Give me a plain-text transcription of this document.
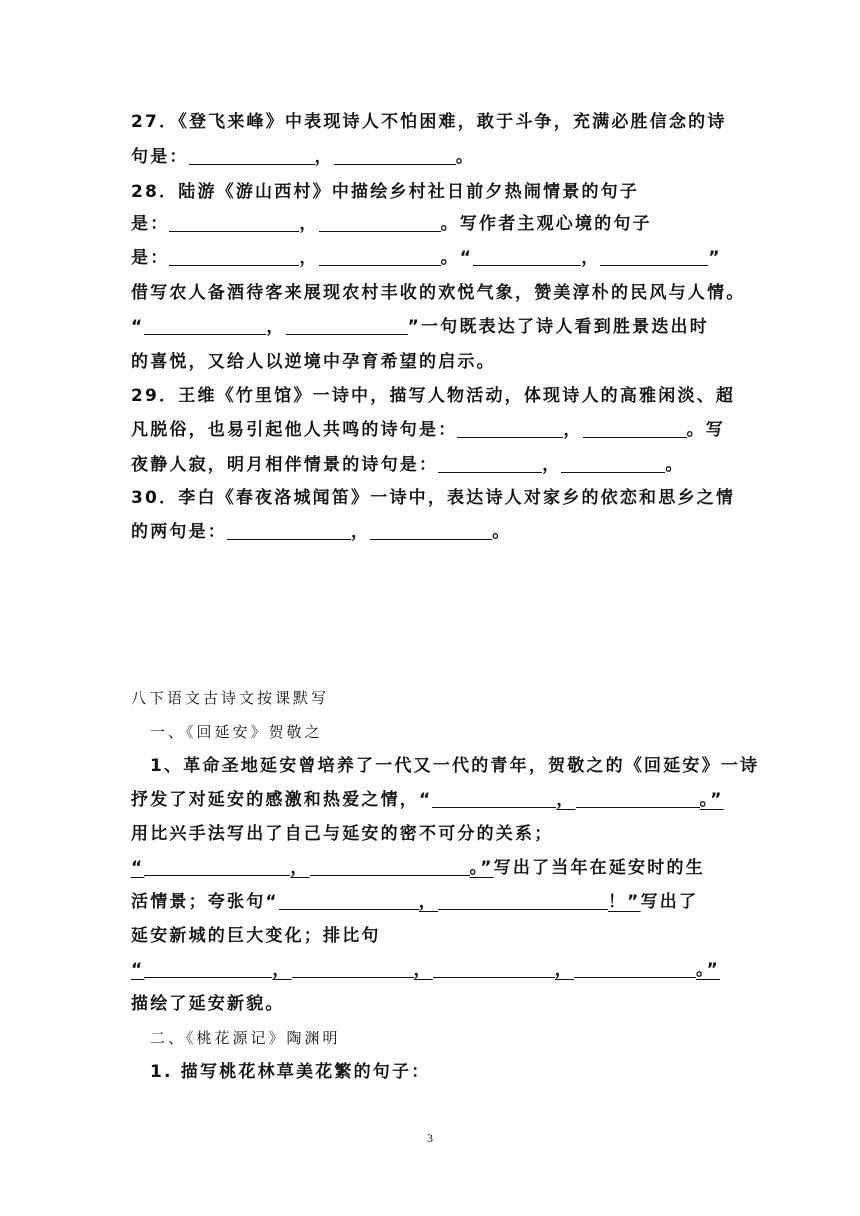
27．《登飞来峰》中表现诗人不怕困难，敢于斗争，充满必胜信念的诗
句是：	，	。
28．陆游《游山西村》中描绘乡村社日前夕热闹情景的句子
是：	，	。写作者主观心境的句子
是：	，	。“	，	”
借写农人备酒待客来展现农村丰收的欢悦气象，赞美淳朴的民风与人情。
“	，	”一句既表达了诗人看到胜景迭出时
的喜悦，又给人以逆境中孕育希望的启示。
29．王维《竹里馆》一诗中，描写人物活动，体现诗人的高雅闲淡、超
凡脱俗，也易引起他人共鸣的诗句是：	，	。写
夜静人寂，明月相伴情景的诗句是：	，	。
30．李白《春夜洛城闻笛》一诗中，表达诗人对家乡的依恋和思乡之情
的两句是：	，	。
八下语文古诗文按课默写
一、《回延安》贺敬之
1、革命圣地延安曾培养了一代又一代的青年，贺敬之的《回延安》一诗
抒发了对延安的感激和热爱之情，“	，	。”
用比兴手法写出了自己与延安的密不可分的关系；
“	，	。”写出了当年在延安时的生
活情景；夸张句“	，	！”写出了
延安新城的巨大变化；排比句
“	，	，	，	。”
描绘了延安新貌。
二、《桃花源记》陶渊明
1. 描写桃花林草美花繁的句子：
3
